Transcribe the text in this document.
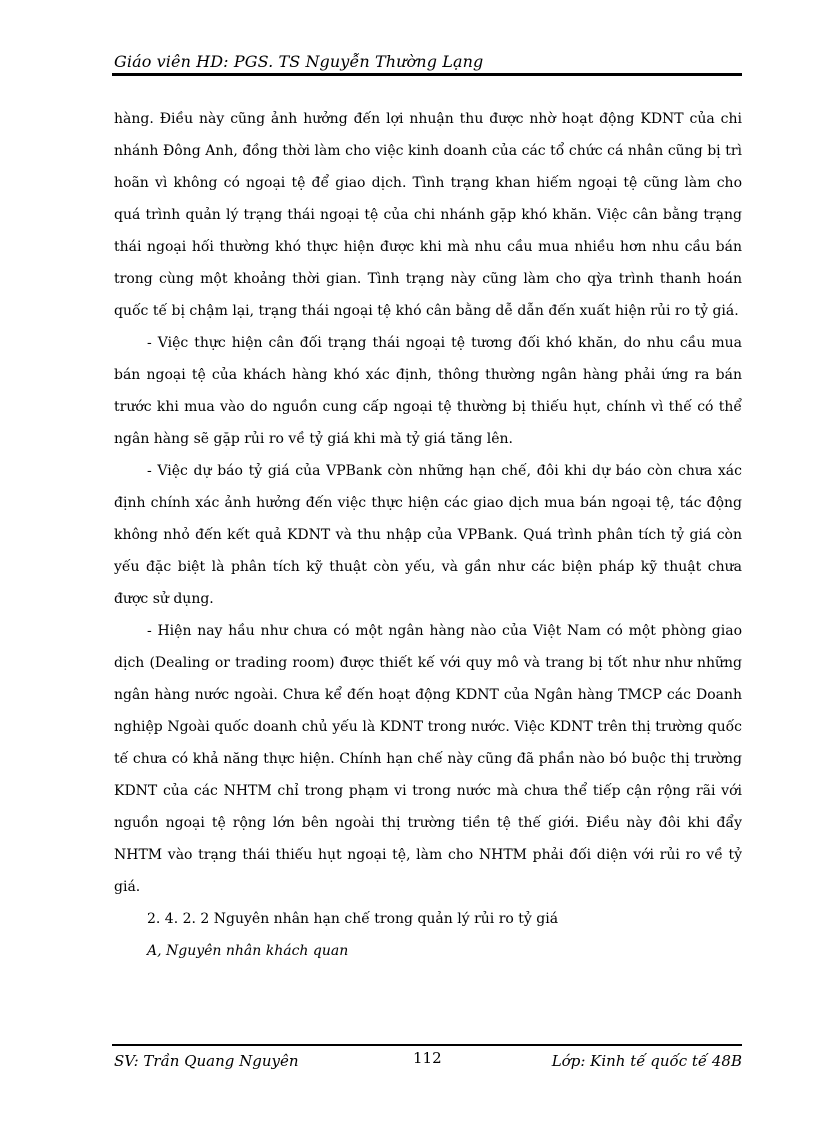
Giáo viên HD: PGS. TS Nguyễn Thường Lạng

hàng. Điều này cũng ảnh hưởng đến lợi nhuận thu được nhờ hoạt động KDNT của chi nhánh Đông Anh, đồng thời làm cho việc kinh doanh của các tổ chức cá nhân cũng bị trì hoãn vì không có ngoại tệ để giao dịch. Tình trạng khan hiếm ngoại tệ cũng làm cho quá trình quản lý trạng thái ngoại tệ của chi nhánh gặp khó khăn. Việc cân bằng trạng thái ngoại hối thường khó thực hiện được khi mà nhu cầu mua nhiều hơn nhu cầu bán trong cùng một khoảng thời gian. Tình trạng này cũng làm cho qỳa trình thanh hoán quốc tế bị chậm lại, trạng thái ngoại tệ khó cân bằng dễ dẫn đến xuất hiện rủi ro tỷ giá.

- Việc thực hiện cân đối trạng thái ngoại tệ tương đối khó khăn, do nhu cầu mua bán ngoại tệ của khách hàng khó xác định, thông thường ngân hàng phải ứng ra bán trước khi mua vào do nguồn cung cấp ngoại tệ thường bị thiếu hụt, chính vì thế có thể ngân hàng sẽ gặp rủi ro về tỷ giá khi mà tỷ giá tăng lên.

- Việc dự báo tỷ giá của VPBank còn những hạn chế, đôi khi dự báo còn chưa xác định chính xác ảnh hưởng đến việc thực hiện các giao dịch mua bán ngoại tệ, tác động không nhỏ đến kết quả KDNT và thu nhập của VPBank. Quá trình phân tích tỷ giá còn yếu đặc biệt là phân tích kỹ thuật còn yếu, và gần như các biện pháp kỹ thuật chưa được sử dụng.

- Hiện nay hầu như chưa có một ngân hàng nào của Việt Nam có một phòng giao dịch (Dealing or trading room) được thiết kế với quy mô và trang bị tốt như như những ngân hàng nước ngoài. Chưa kể đến hoạt động KDNT của Ngân hàng TMCP các Doanh nghiệp Ngoài quốc doanh chủ yếu là KDNT trong nước. Việc KDNT trên thị trường quốc tế chưa có khả năng thực hiện. Chính hạn chế này cũng đã phần nào bó buộc thị trường KDNT của các NHTM chỉ trong phạm vi trong nước mà chưa thể tiếp cận rộng rãi với nguồn ngoại tệ rộng lớn bên ngoài thị trường tiền tệ thế giới. Điều này đôi khi đẩy NHTM vào trạng thái thiếu hụt ngoại tệ, làm cho NHTM phải đối diện với rủi ro về tỷ giá.

2. 4. 2. 2 Nguyên nhân hạn chế trong quản lý rủi ro tỷ giá

A, Nguyên nhân khách quan

SV: Trần Quang Nguyên	112	Lớp: Kinh tế quốc tế 48B
